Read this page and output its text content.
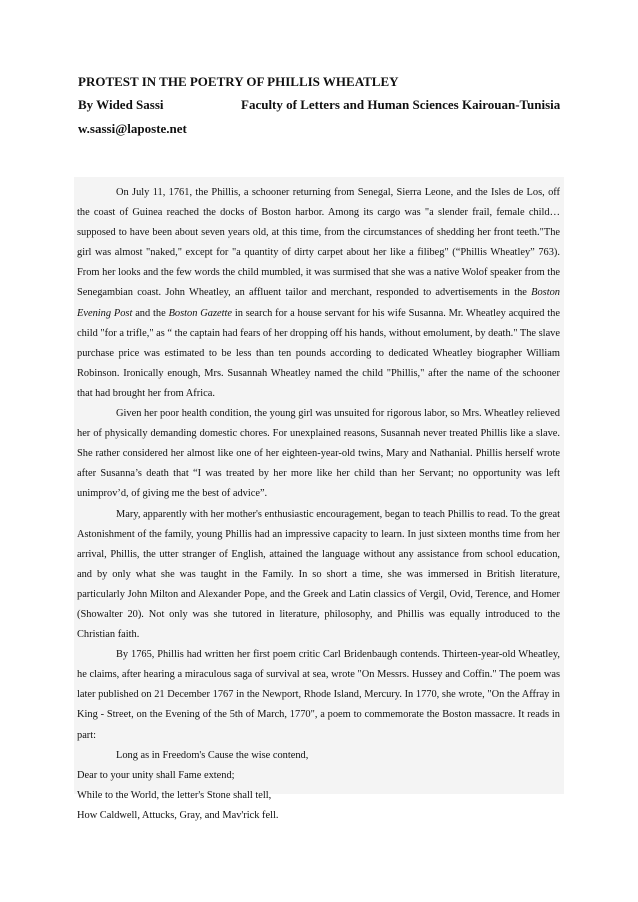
PROTEST IN THE POETRY OF PHILLIS WHEATLEY
By Wided Sassi	Faculty of Letters and Human Sciences Kairouan-Tunisia
w.sassi@laposte.net

On July 11, 1761, the Phillis, a schooner returning from Senegal, Sierra Leone, and the Isles de Los, off the coast of Guinea reached the docks of Boston harbor. Among its cargo was "a slender frail, female child…supposed to have been about seven years old, at this time, from the circumstances of shedding her front teeth."The girl was almost "naked," except for "a quantity of dirty carpet about her like a filibeg" (“Phillis Wheatley” 763). From her looks and the few words the child mumbled, it was surmised that she was a native Wolof speaker from the Senegambian coast. John Wheatley, an affluent tailor and merchant, responded to advertisements in the Boston Evening Post and the Boston Gazette in search for a house servant for his wife Susanna. Mr. Wheatley acquired the child "for a trifle," as “ the captain had fears of her dropping off his hands, without emolument, by death." The slave purchase price was estimated to be less than ten pounds according to dedicated Wheatley biographer William Robinson. Ironically enough, Mrs. Susannah Wheatley named the child "Phillis," after the name of the schooner that had brought her from Africa.

Given her poor health condition, the young girl was unsuited for rigorous labor, so Mrs. Wheatley relieved her of physically demanding domestic chores. For unexplained reasons, Susannah never treated Phillis like a slave. She rather considered her almost like one of her eighteen-year-old twins, Mary and Nathanial. Phillis herself wrote after Susanna’s death that “I was treated by her more like her child than her Servant; no opportunity was left unimprov’d, of giving me the best of advice”.

Mary, apparently with her mother's enthusiastic encouragement, began to teach Phillis to read. To the great Astonishment of the family, young Phillis had an impressive capacity to learn. In just sixteen months time from her arrival, Phillis, the utter stranger of English, attained the language without any assistance from school education, and by only what she was taught in the Family. In so short a time, she was immersed in British literature, particularly John Milton and Alexander Pope, and the Greek and Latin classics of Vergil, Ovid, Terence, and Homer (Showalter 20). Not only was she tutored in literature, philosophy, and Phillis was equally introduced to the Christian faith.

By 1765, Phillis had written her first poem critic Carl Bridenbaugh contends. Thirteen-year-old Wheatley, he claims, after hearing a miraculous saga of survival at sea, wrote "On Messrs. Hussey and Coffin." The poem was later published on 21 December 1767 in the Newport, Rhode Island, Mercury. In 1770, she wrote, "On the Affray in King - Street, on the Evening of the 5th of March, 1770", a poem to commemorate the Boston massacre. It reads in part:

Long as in Freedom's Cause the wise contend,

Dear to your unity shall Fame extend;

While to the World, the letter's Stone shall tell,

How Caldwell, Attucks, Gray, and Mav'rick fell.
